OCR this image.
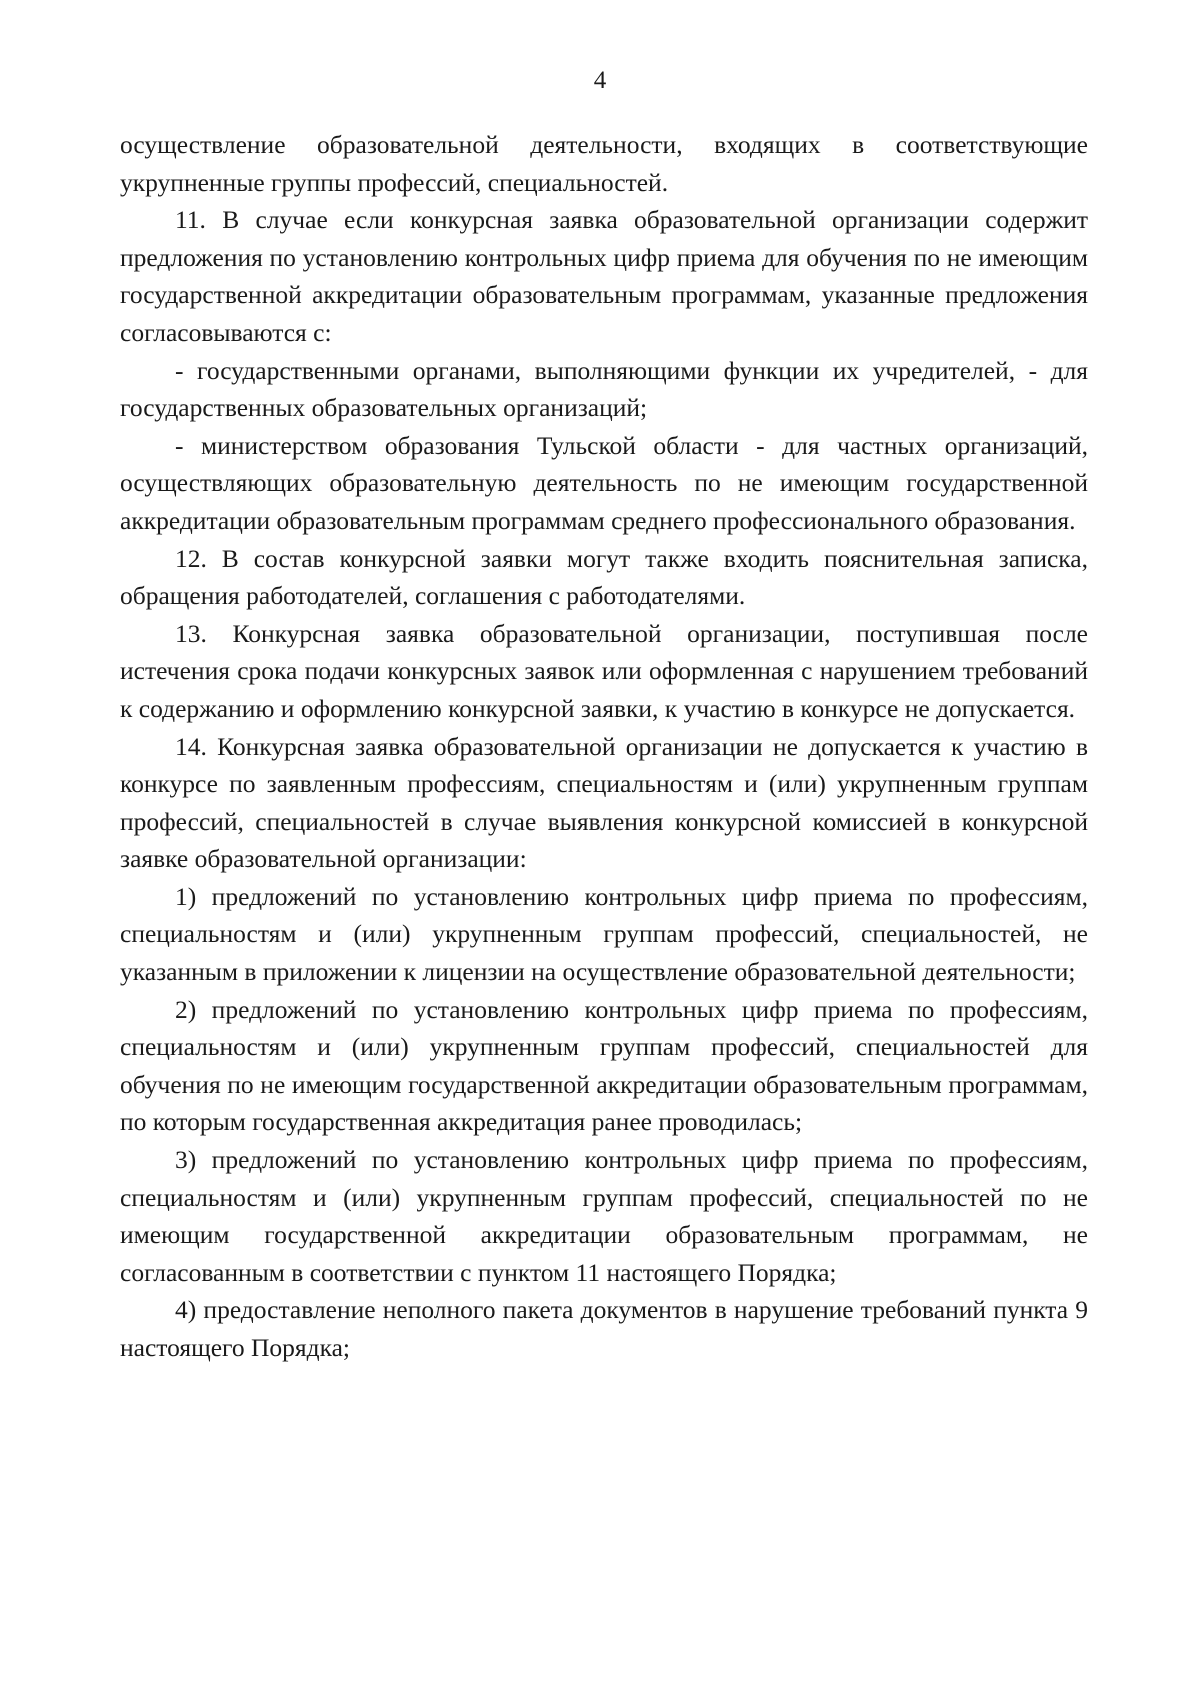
4

осуществление образовательной деятельности, входящих в соответствующие укрупненные группы профессий, специальностей.

11. В случае если конкурсная заявка образовательной организации содержит предложения по установлению контрольных цифр приема для обучения по не имеющим государственной аккредитации образовательным программам, указанные предложения согласовываются с:

- государственными органами, выполняющими функции их учредителей, - для государственных образовательных организаций;

- министерством образования Тульской области - для частных организаций, осуществляющих образовательную деятельность по не имеющим государственной аккредитации образовательным программам среднего профессионального образования.

12. В состав конкурсной заявки могут также входить пояснительная записка, обращения работодателей, соглашения с работодателями.

13. Конкурсная заявка образовательной организации, поступившая после истечения срока подачи конкурсных заявок или оформленная с нарушением требований к содержанию и оформлению конкурсной заявки, к участию в конкурсе не допускается.

14. Конкурсная заявка образовательной организации не допускается к участию в конкурсе по заявленным профессиям, специальностям и (или) укрупненным группам профессий, специальностей в случае выявления конкурсной комиссией в конкурсной заявке образовательной организации:

1) предложений по установлению контрольных цифр приема по профессиям, специальностям и (или) укрупненным группам профессий, специальностей, не указанным в приложении к лицензии на осуществление образовательной деятельности;

2) предложений по установлению контрольных цифр приема по профессиям, специальностям и (или) укрупненным группам профессий, специальностей для обучения по не имеющим государственной аккредитации образовательным программам, по которым государственная аккредитация ранее проводилась;

3) предложений по установлению контрольных цифр приема по профессиям, специальностям и (или) укрупненным группам профессий, специальностей по не имеющим государственной аккредитации образовательным программам, не согласованным в соответствии с пунктом 11 настоящего Порядка;

4) предоставление неполного пакета документов в нарушение требований пункта 9 настоящего Порядка;
